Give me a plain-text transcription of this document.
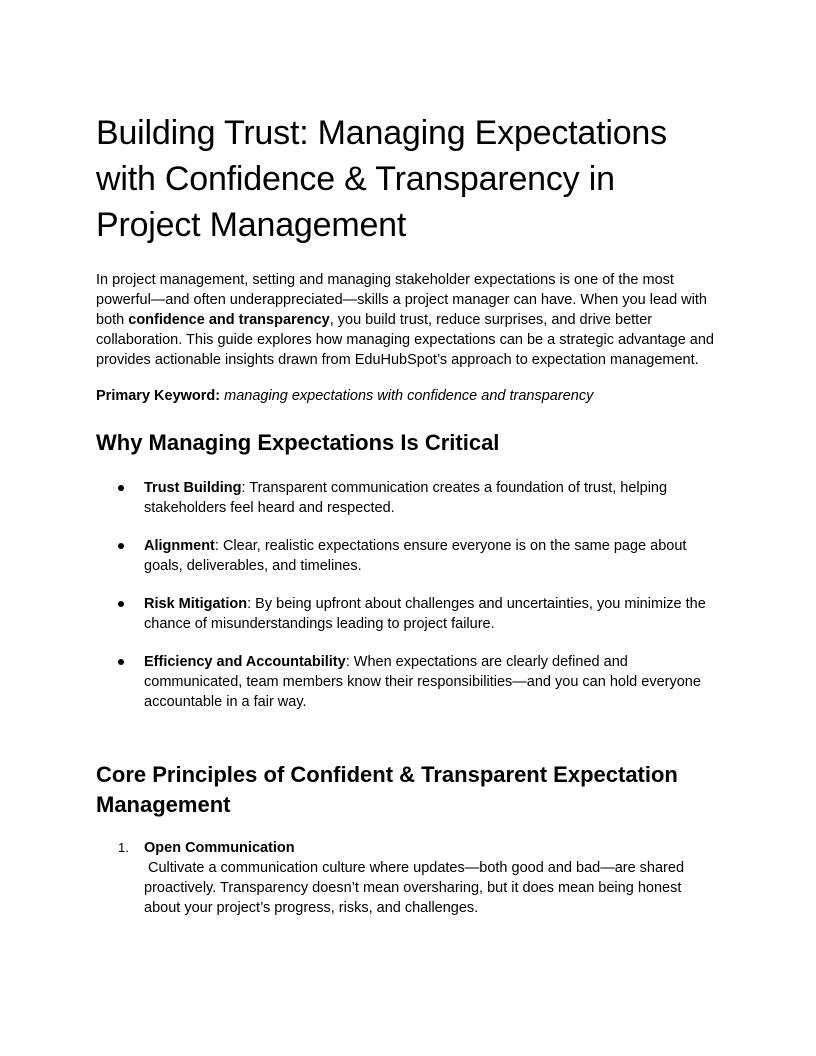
Building Trust: Managing Expectations with Confidence & Transparency in Project Management

In project management, setting and managing stakeholder expectations is one of the most powerful—and often underappreciated—skills a project manager can have. When you lead with both confidence and transparency, you build trust, reduce surprises, and drive better collaboration. This guide explores how managing expectations can be a strategic advantage and provides actionable insights drawn from EduHubSpot’s approach to expectation management.

Primary Keyword: managing expectations with confidence and transparency

Why Managing Expectations Is Critical
Trust Building: Transparent communication creates a foundation of trust, helping stakeholders feel heard and respected.
Alignment: Clear, realistic expectations ensure everyone is on the same page about goals, deliverables, and timelines.
Risk Mitigation: By being upfront about challenges and uncertainties, you minimize the chance of misunderstandings leading to project failure.
Efficiency and Accountability: When expectations are clearly defined and communicated, team members know their responsibilities—and you can hold everyone accountable in a fair way.
Core Principles of Confident & Transparent Expectation Management
1. Open Communication
Cultivate a communication culture where updates—both good and bad—are shared proactively. Transparency doesn’t mean oversharing, but it does mean being honest about your project’s progress, risks, and challenges.
